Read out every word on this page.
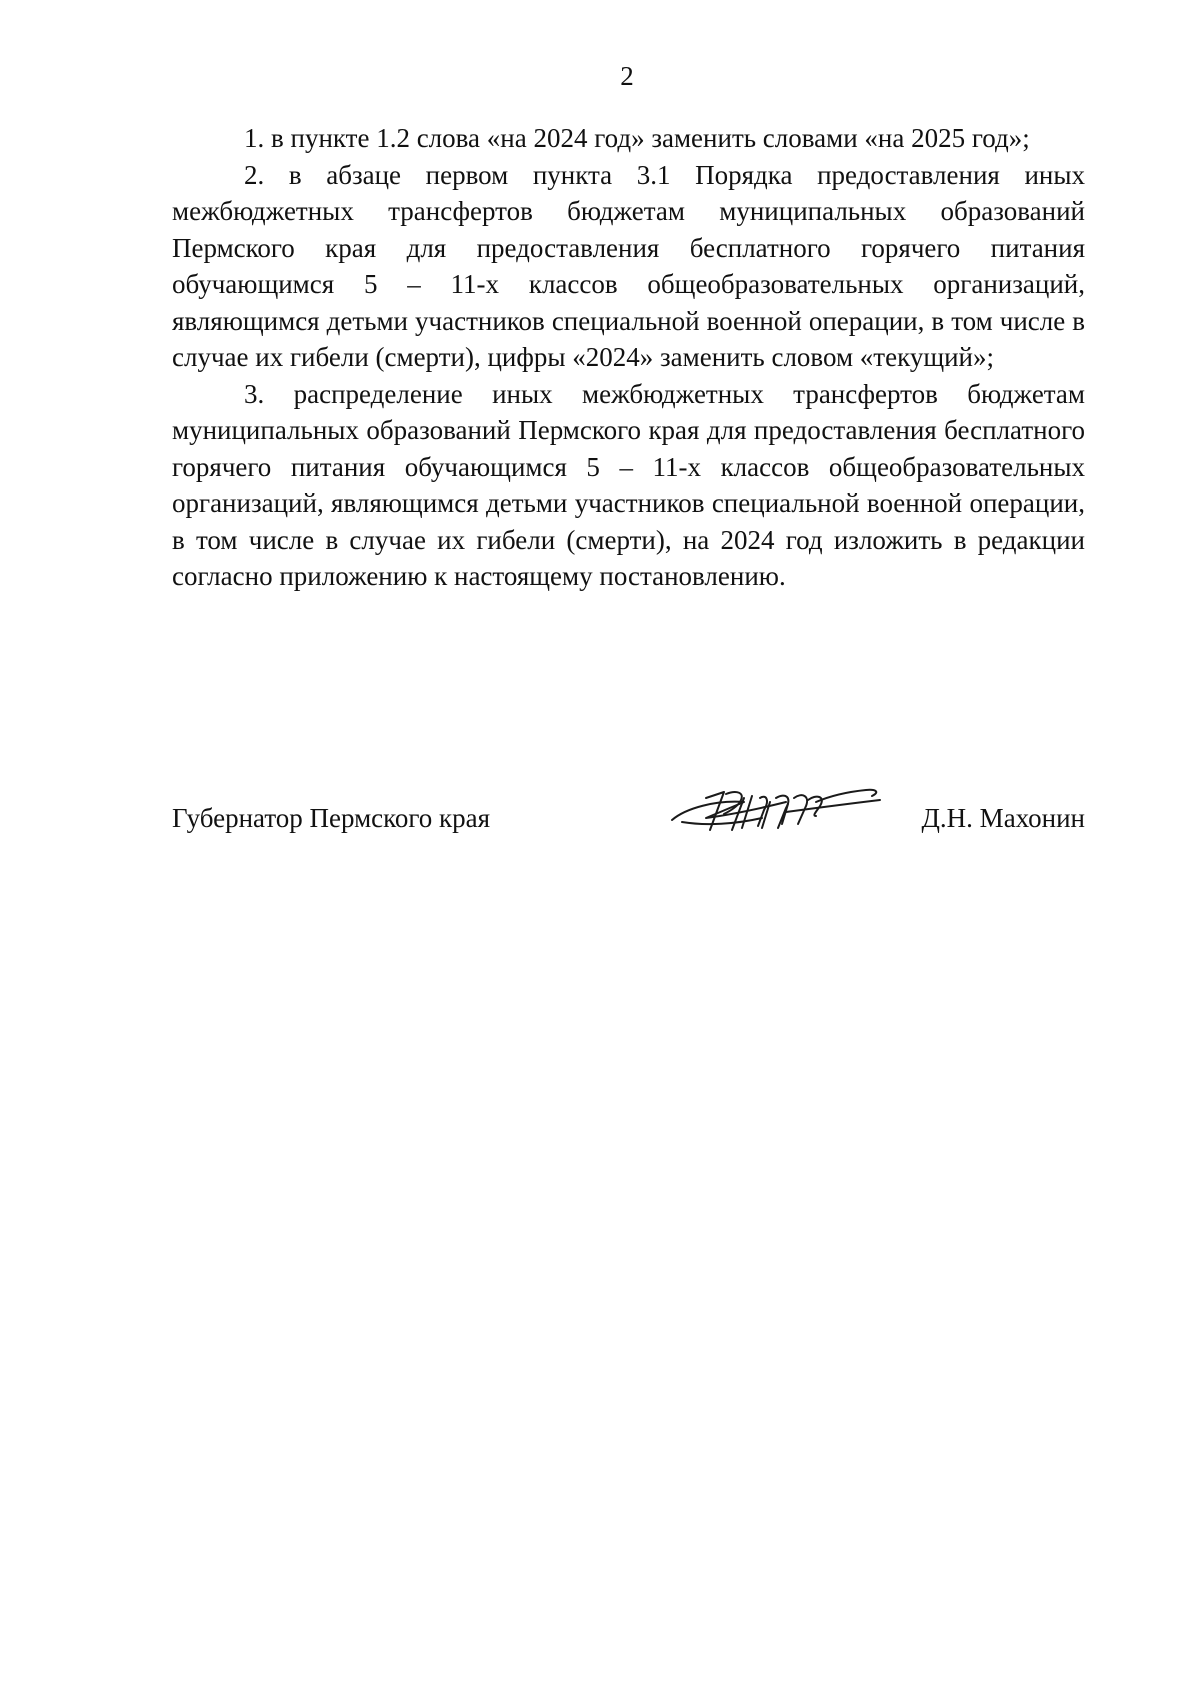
2

1. в пункте 1.2 слова «на 2024 год» заменить словами «на 2025 год»;

2. в абзаце первом пункта 3.1 Порядка предоставления иных межбюджетных трансфертов бюджетам муниципальных образований Пермского края для предоставления бесплатного горячего питания обучающимся 5 – 11-х классов общеобразовательных организаций, являющимся детьми участников специальной военной операции, в том числе в случае их гибели (смерти), цифры «2024» заменить словом «текущий»;

3. распределение иных межбюджетных трансфертов бюджетам муниципальных образований Пермского края для предоставления бесплатного горячего питания обучающимся 5 – 11-х классов общеобразовательных организаций, являющимся детьми участников специальной военной операции, в том числе в случае их гибели (смерти), на 2024 год изложить в редакции согласно приложению к настоящему постановлению.

Губернатор Пермского края	Д.Н. Махонин
